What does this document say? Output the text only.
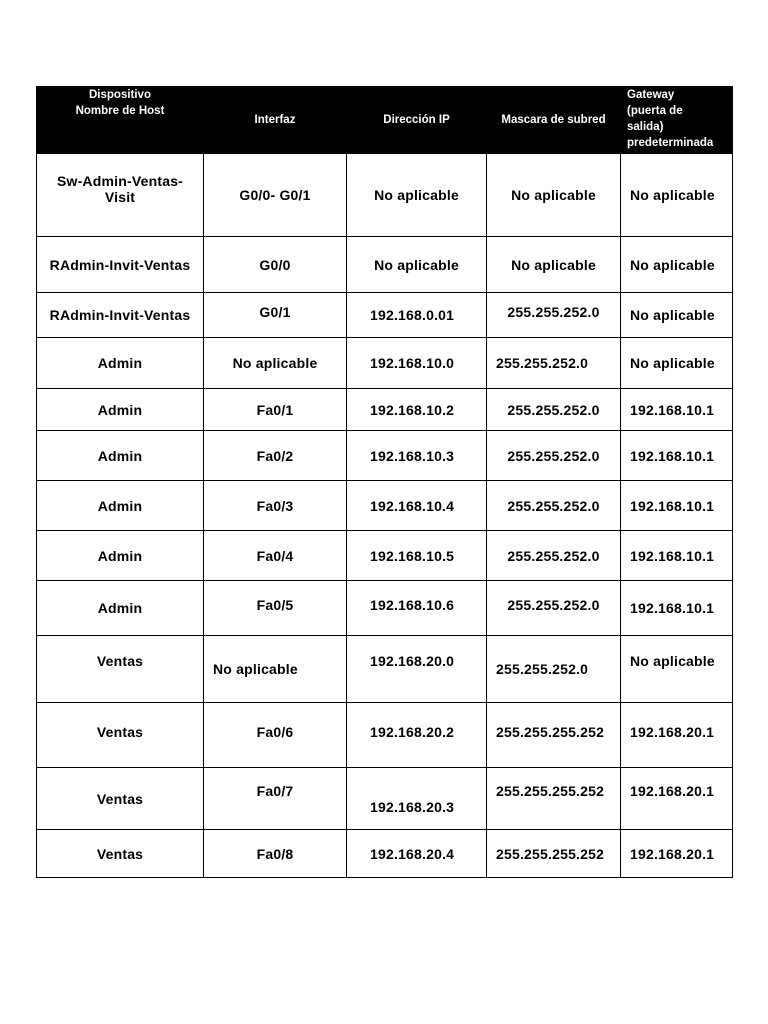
Dispositivo
Nombre de Host	Interfaz	Dirección IP	Mascara de subred	Gateway
(puerta de
salida)
predeterminada

Sw-Admin-Ventas-Visit	G0/0- G0/1	No aplicable	No aplicable	No aplicable
RAdmin-Invit-Ventas	G0/0	No aplicable	No aplicable	No aplicable
RAdmin-Invit-Ventas	G0/1	192.168.0.01	255.255.252.0	No aplicable
Admin	No aplicable	192.168.10.0	255.255.252.0	No aplicable
Admin	Fa0/1	192.168.10.2	255.255.252.0	192.168.10.1
Admin	Fa0/2	192.168.10.3	255.255.252.0	192.168.10.1
Admin	Fa0/3	192.168.10.4	255.255.252.0	192.168.10.1
Admin	Fa0/4	192.168.10.5	255.255.252.0	192.168.10.1
Admin	Fa0/5	192.168.10.6	255.255.252.0	192.168.10.1
Ventas	No aplicable	192.168.20.0	255.255.252.0	No aplicable
Ventas	Fa0/6	192.168.20.2	255.255.255.252	192.168.20.1
Ventas	Fa0/7	192.168.20.3	255.255.255.252	192.168.20.1
Ventas	Fa0/8	192.168.20.4	255.255.255.252	192.168.20.1
